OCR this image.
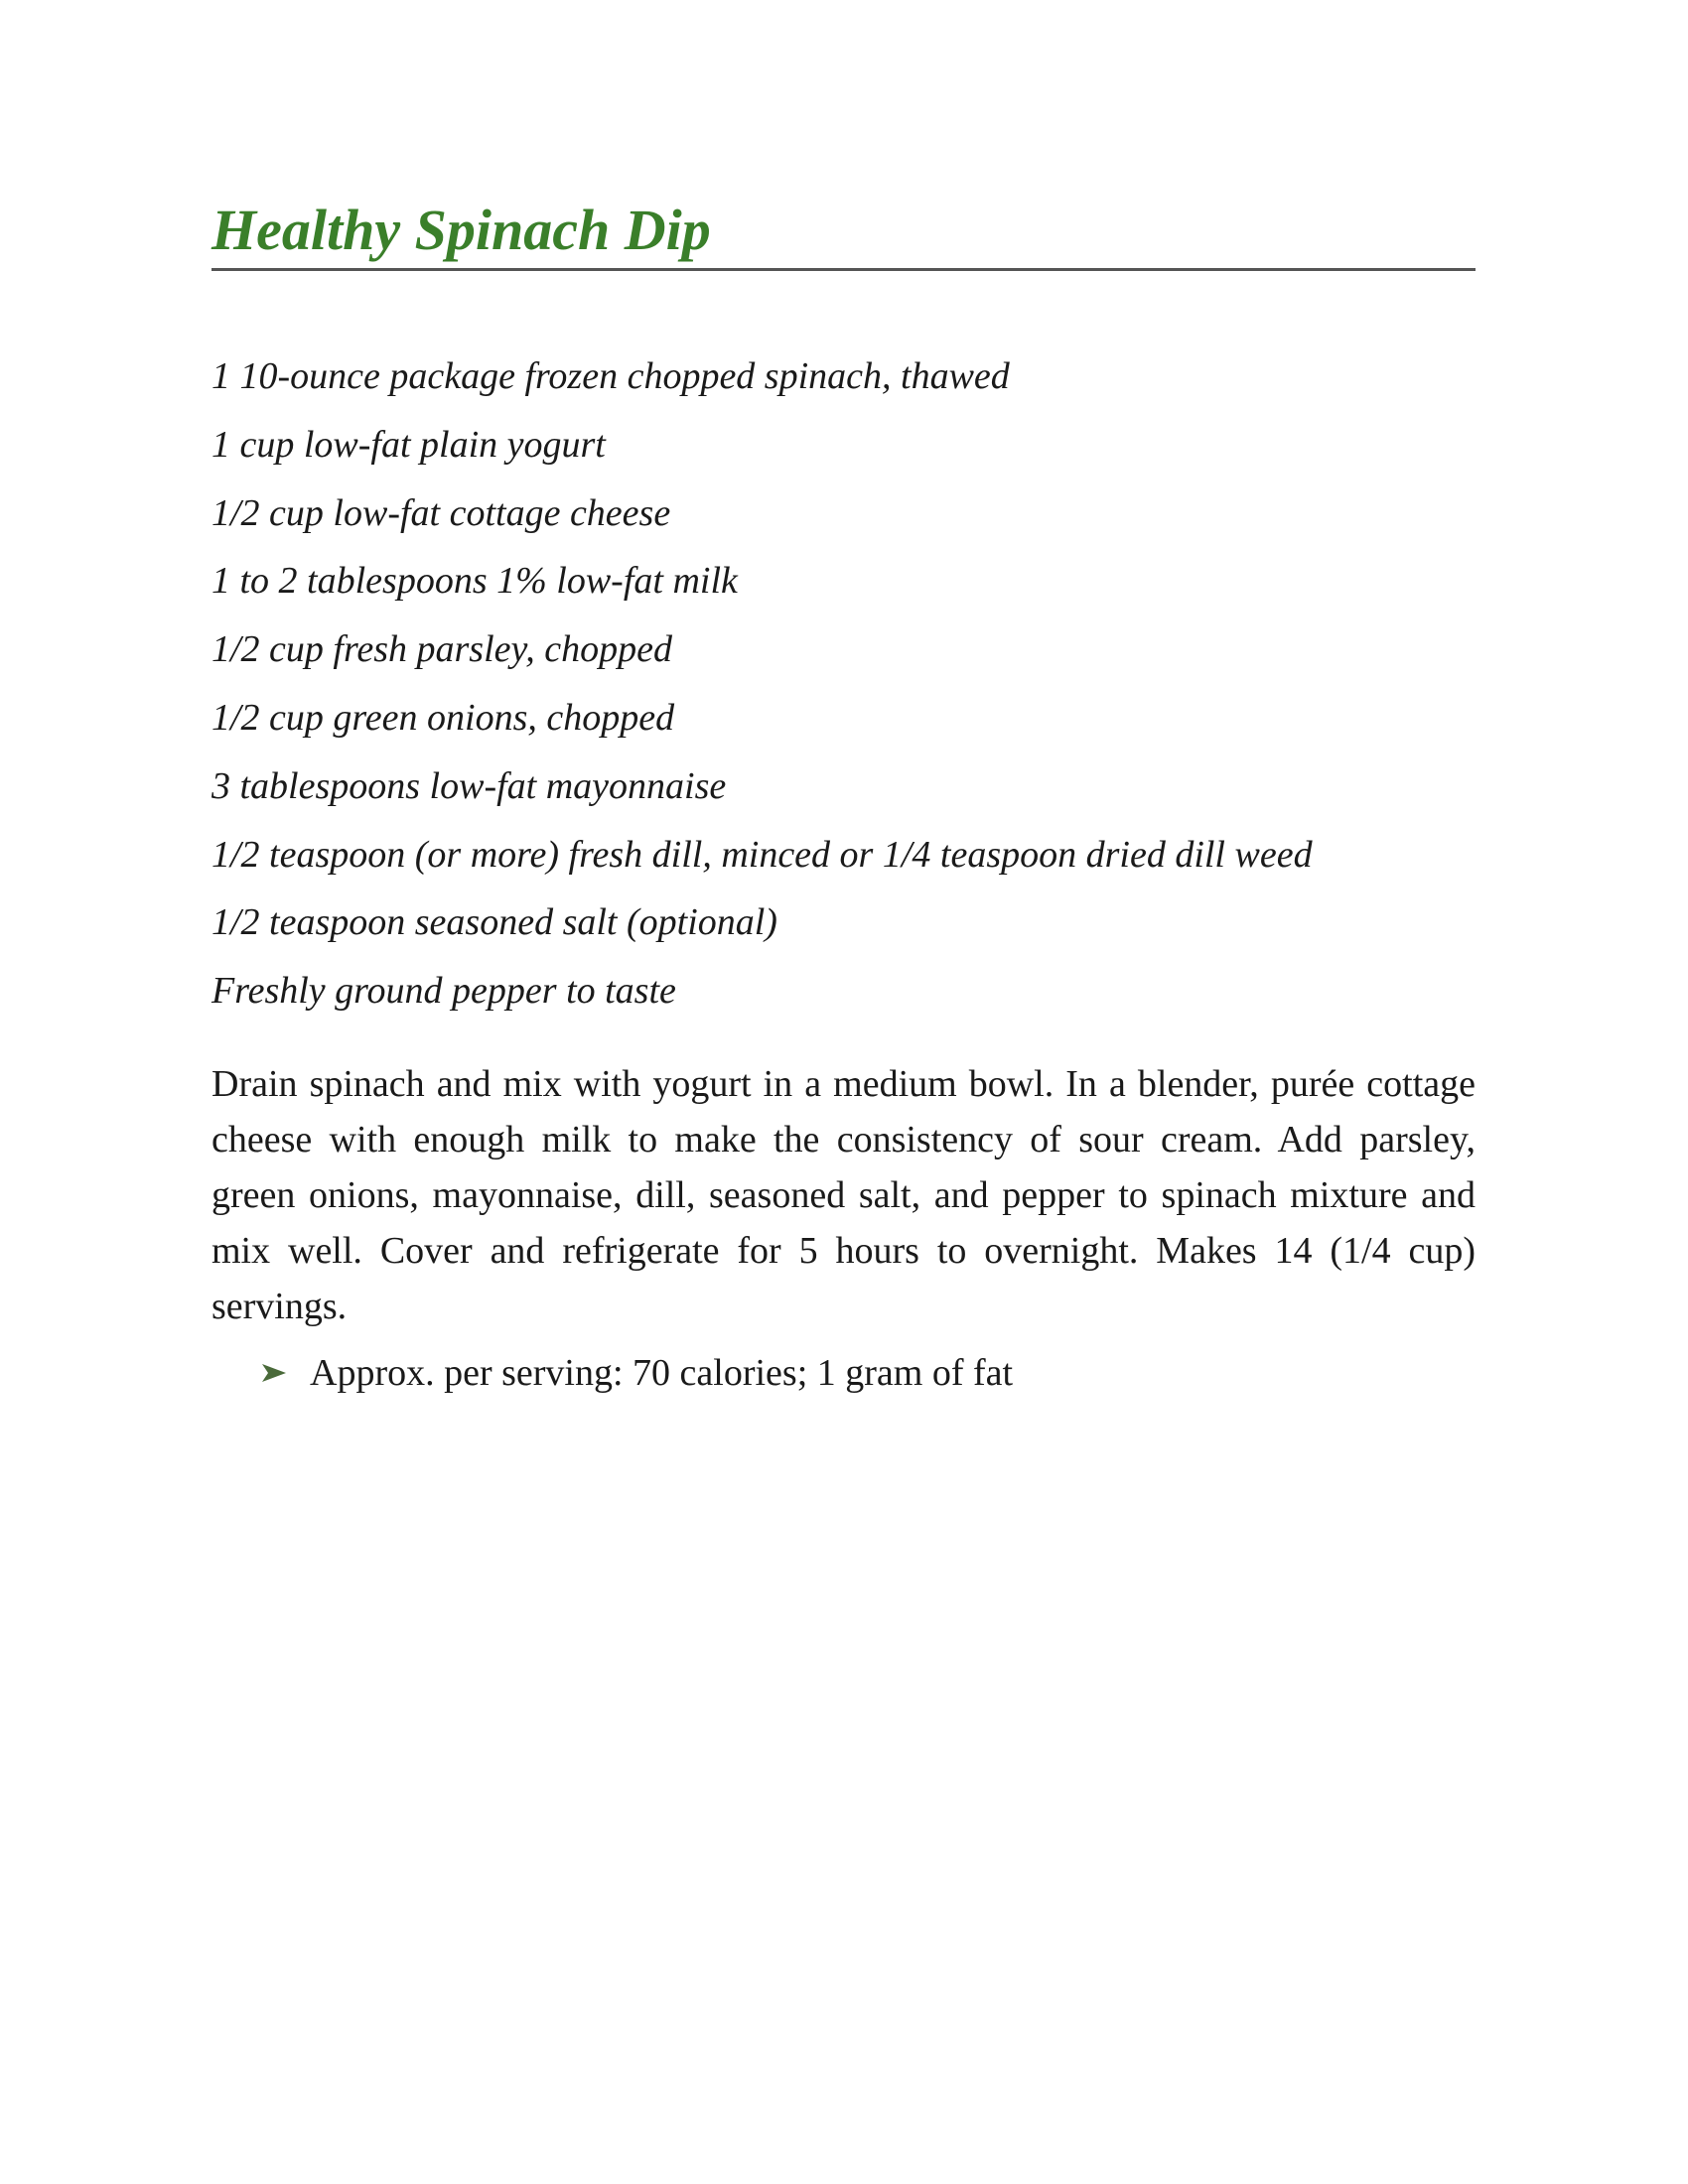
Healthy Spinach Dip
1 10-ounce package frozen chopped spinach, thawed
1 cup low-fat plain yogurt
1/2 cup low-fat cottage cheese
1 to 2 tablespoons 1% low-fat milk
1/2 cup fresh parsley, chopped
1/2 cup green onions, chopped
3 tablespoons low-fat mayonnaise
1/2 teaspoon (or more) fresh dill, minced or 1/4 teaspoon dried dill weed
1/2 teaspoon seasoned salt (optional)
Freshly ground pepper to taste

Drain spinach and mix with yogurt in a medium bowl. In a blender, purée cottage cheese with enough milk to make the consistency of sour cream. Add parsley, green onions, mayonnaise, dill, seasoned salt, and pepper to spinach mixture and mix well. Cover and refrigerate for 5 hours to overnight. Makes 14 (1/4 cup) servings.

Approx. per serving: 70 calories; 1 gram of fat
